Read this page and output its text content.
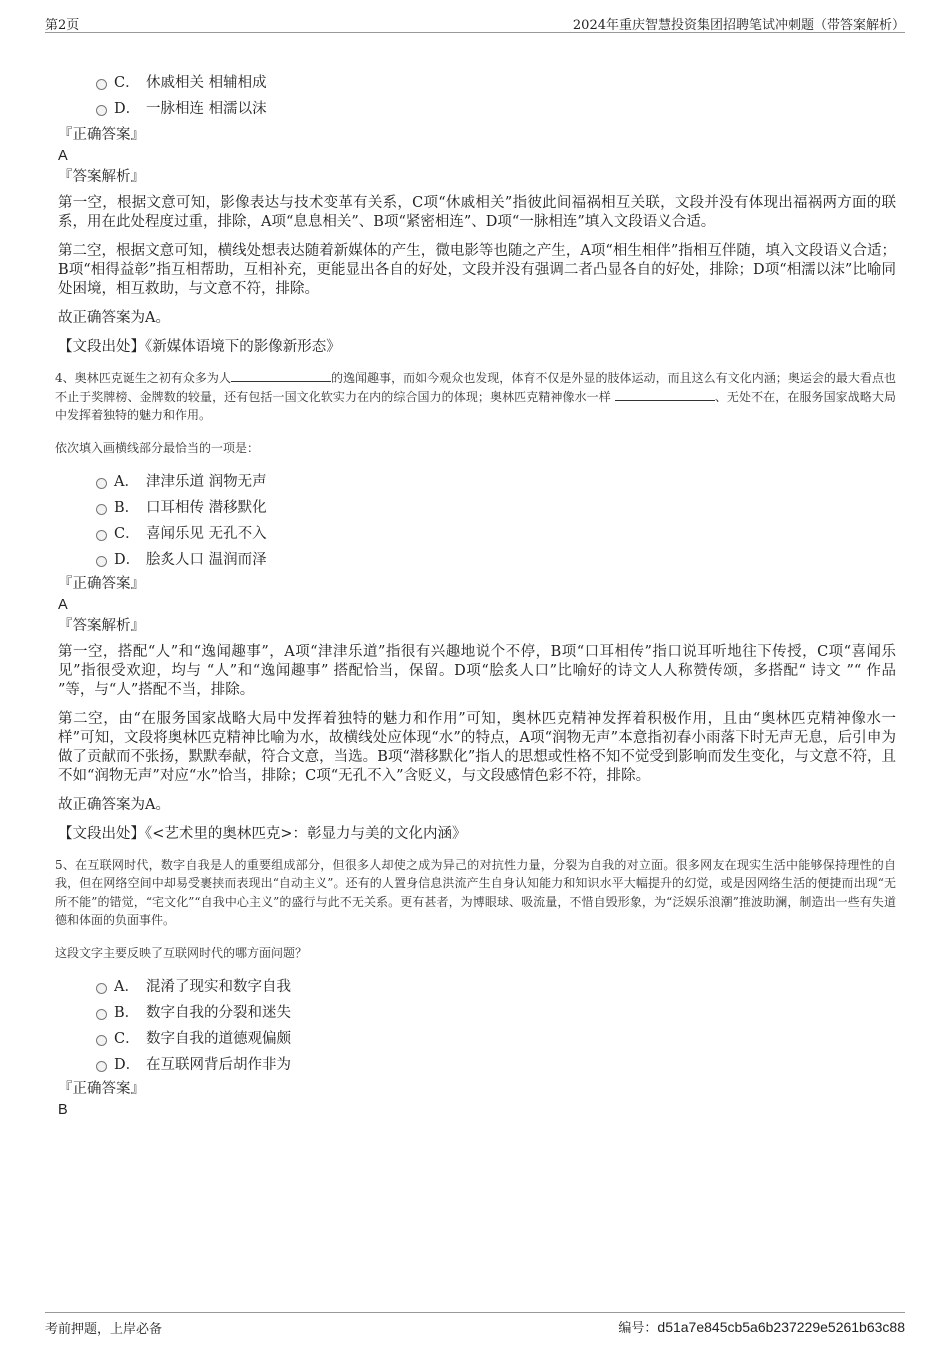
第2页	2024年重庆智慧投资集团招聘笔试冲刺题（带答案解析）
C． 休戚相关 相辅相成
D． 一脉相连 相濡以沫
『正确答案』
A
『答案解析』

第一空，根据文意可知，影像表达与技术变革有关系，C项“休戚相关”指彼此间福祸相互关联，文段并没有体现出福祸两方面的联系，用在此处程度过重，排除，A项“息息相关”、B项“紧密相连”、D项“一脉相连”填入文段语义合适。

第二空，根据文意可知，横线处想表达随着新媒体的产生，微电影等也随之产生，A项“相生相伴”指相互伴随，填入文段语义合适；B项“相得益彰”指互相帮助，互相补充，更能显出各自的好处，文段并没有强调二者凸显各自的好处，排除；D项“相濡以沫”比喻同处困境，相互救助，与文意不符，排除。

故正确答案为A。

【文段出处】《新媒体语境下的影像新形态》

4、奥林匹克诞生之初有众多为人	的逸闻趣事，而如今观众也发现，体育不仅是外显的肢体运动，而且这么有文化内涵；奥运会的最大看点也不止于奖牌榜、金牌数的较量，还有包括一国文化软实力在内的综合国力的体现；奥林匹克精神像水一样	、无处不在，在服务国家战略大局中发挥着独特的魅力和作用。

依次填入画横线部分最恰当的一项是：

A． 津津乐道 润物无声
B． 口耳相传 潜移默化
C． 喜闻乐见 无孔不入
D． 脍炙人口 温润而泽
『正确答案』
A
『答案解析』

第一空，搭配“人”和“逸闻趣事”，A项“津津乐道”指很有兴趣地说个不停，B项“口耳相传”指口说耳听地往下传授，C项“喜闻乐见”指很受欢迎，均与 “人”和“逸闻趣事” 搭配恰当，保留。D项“脍炙人口”比喻好的诗文人人称赞传颂，多搭配“ 诗文 ”“ 作品 ”等，与“人”搭配不当，排除。

第二空，由“在服务国家战略大局中发挥着独特的魅力和作用”可知，奥林匹克精神发挥着积极作用，且由“奥林匹克精神像水一样”可知，文段将奥林匹克精神比喻为水，故横线处应体现“水”的特点，A项“润物无声”本意指初春小雨落下时无声无息，后引申为做了贡献而不张扬，默默奉献，符合文意，当选。B项“潜移默化”指人的思想或性格不知不觉受到影响而发生变化，与文意不符，且不如“润物无声”对应“水”恰当，排除；C项“无孔不入”含贬义，与文段感情色彩不符，排除。

故正确答案为A。

【文段出处】《<艺术里的奥林匹克>：彰显力与美的文化内涵》

5、在互联网时代，数字自我是人的重要组成部分，但很多人却使之成为异己的对抗性力量，分裂为自我的对立面。很多网友在现实生活中能够保持理性的自我，但在网络空间中却易受裹挟而表现出“自动主义”。还有的人置身信息洪流产生自身认知能力和知识水平大幅提升的幻觉，或是因网络生活的便捷而出现“无所不能”的错觉，“宅文化”“自我中心主义”的盛行与此不无关系。更有甚者，为博眼球、吸流量，不惜自毁形象，为“泛娱乐浪潮”推波助澜，制造出一些有失道德和体面的负面事件。

这段文字主要反映了互联网时代的哪方面问题？

A． 混淆了现实和数字自我
B． 数字自我的分裂和迷失
C． 数字自我的道德观偏颇
D． 在互联网背后胡作非为
『正确答案』
B
考前押题，上岸必备	编号：d51a7e845cb5a6b237229e5261b63c88
